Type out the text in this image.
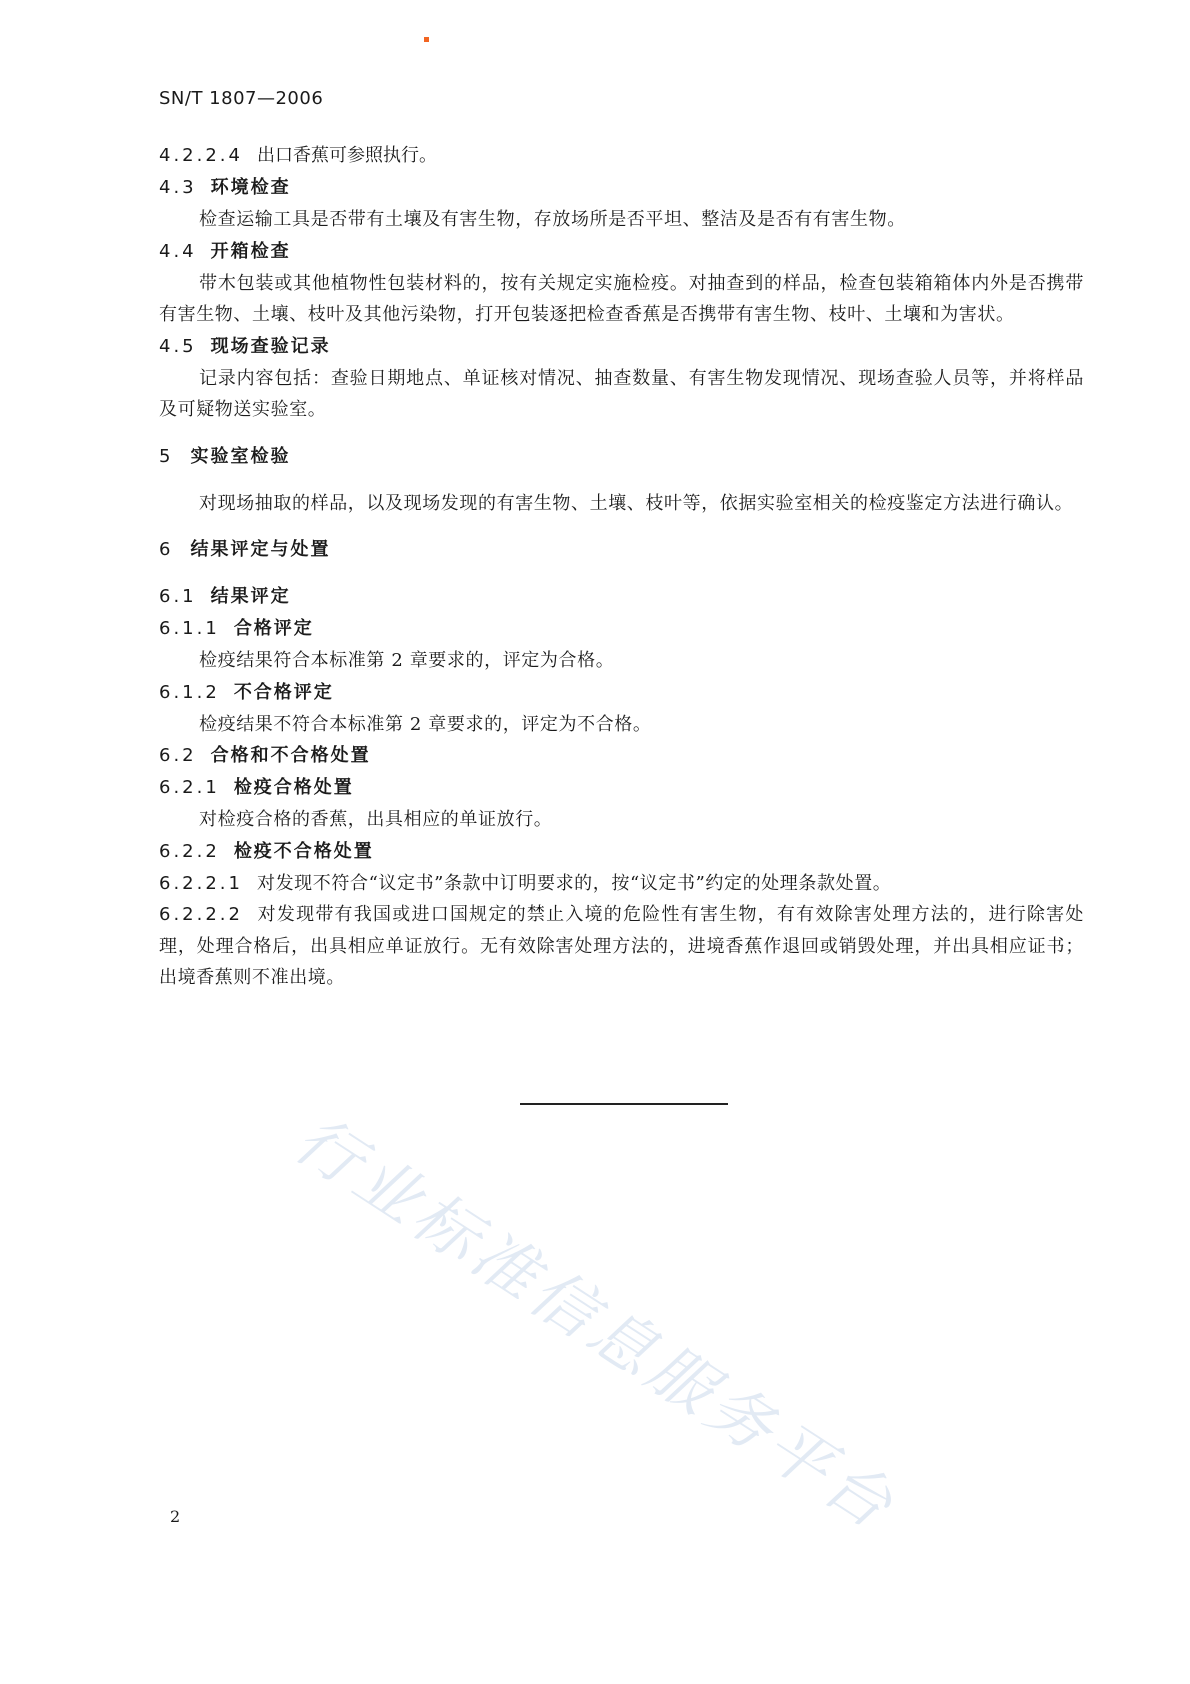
SN/T 1807—2006
4.2.2.4 出口香蕉可参照执行。
4.3 环境检查
检查运输工具是否带有土壤及有害生物，存放场所是否平坦、整洁及是否有有害生物。
4.4 开箱检查
带木包装或其他植物性包装材料的，按有关规定实施检疫。对抽查到的样品，检查包装箱箱体内外是否携带有害生物、土壤、枝叶及其他污染物，打开包装逐把检查香蕉是否携带有害生物、枝叶、土壤和为害状。
4.5 现场查验记录
记录内容包括：查验日期地点、单证核对情况、抽查数量、有害生物发现情况、现场查验人员等，并将样品及可疑物送实验室。
5 实验室检验
对现场抽取的样品，以及现场发现的有害生物、土壤、枝叶等，依据实验室相关的检疫鉴定方法进行确认。
6 结果评定与处置
6.1 结果评定
6.1.1 合格评定
检疫结果符合本标准第 2 章要求的，评定为合格。
6.1.2 不合格评定
检疫结果不符合本标准第 2 章要求的，评定为不合格。
6.2 合格和不合格处置
6.2.1 检疫合格处置
对检疫合格的香蕉，出具相应的单证放行。
6.2.2 检疫不合格处置
6.2.2.1 对发现不符合“议定书”条款中订明要求的，按“议定书”约定的处理条款处置。
6.2.2.2 对发现带有我国或进口国规定的禁止入境的危险性有害生物，有有效除害处理方法的，进行除害处理，处理合格后，出具相应单证放行。无有效除害处理方法的，进境香蕉作退回或销毁处理，并出具相应证书；出境香蕉则不准出境。
行业标准信息服务平台
2
